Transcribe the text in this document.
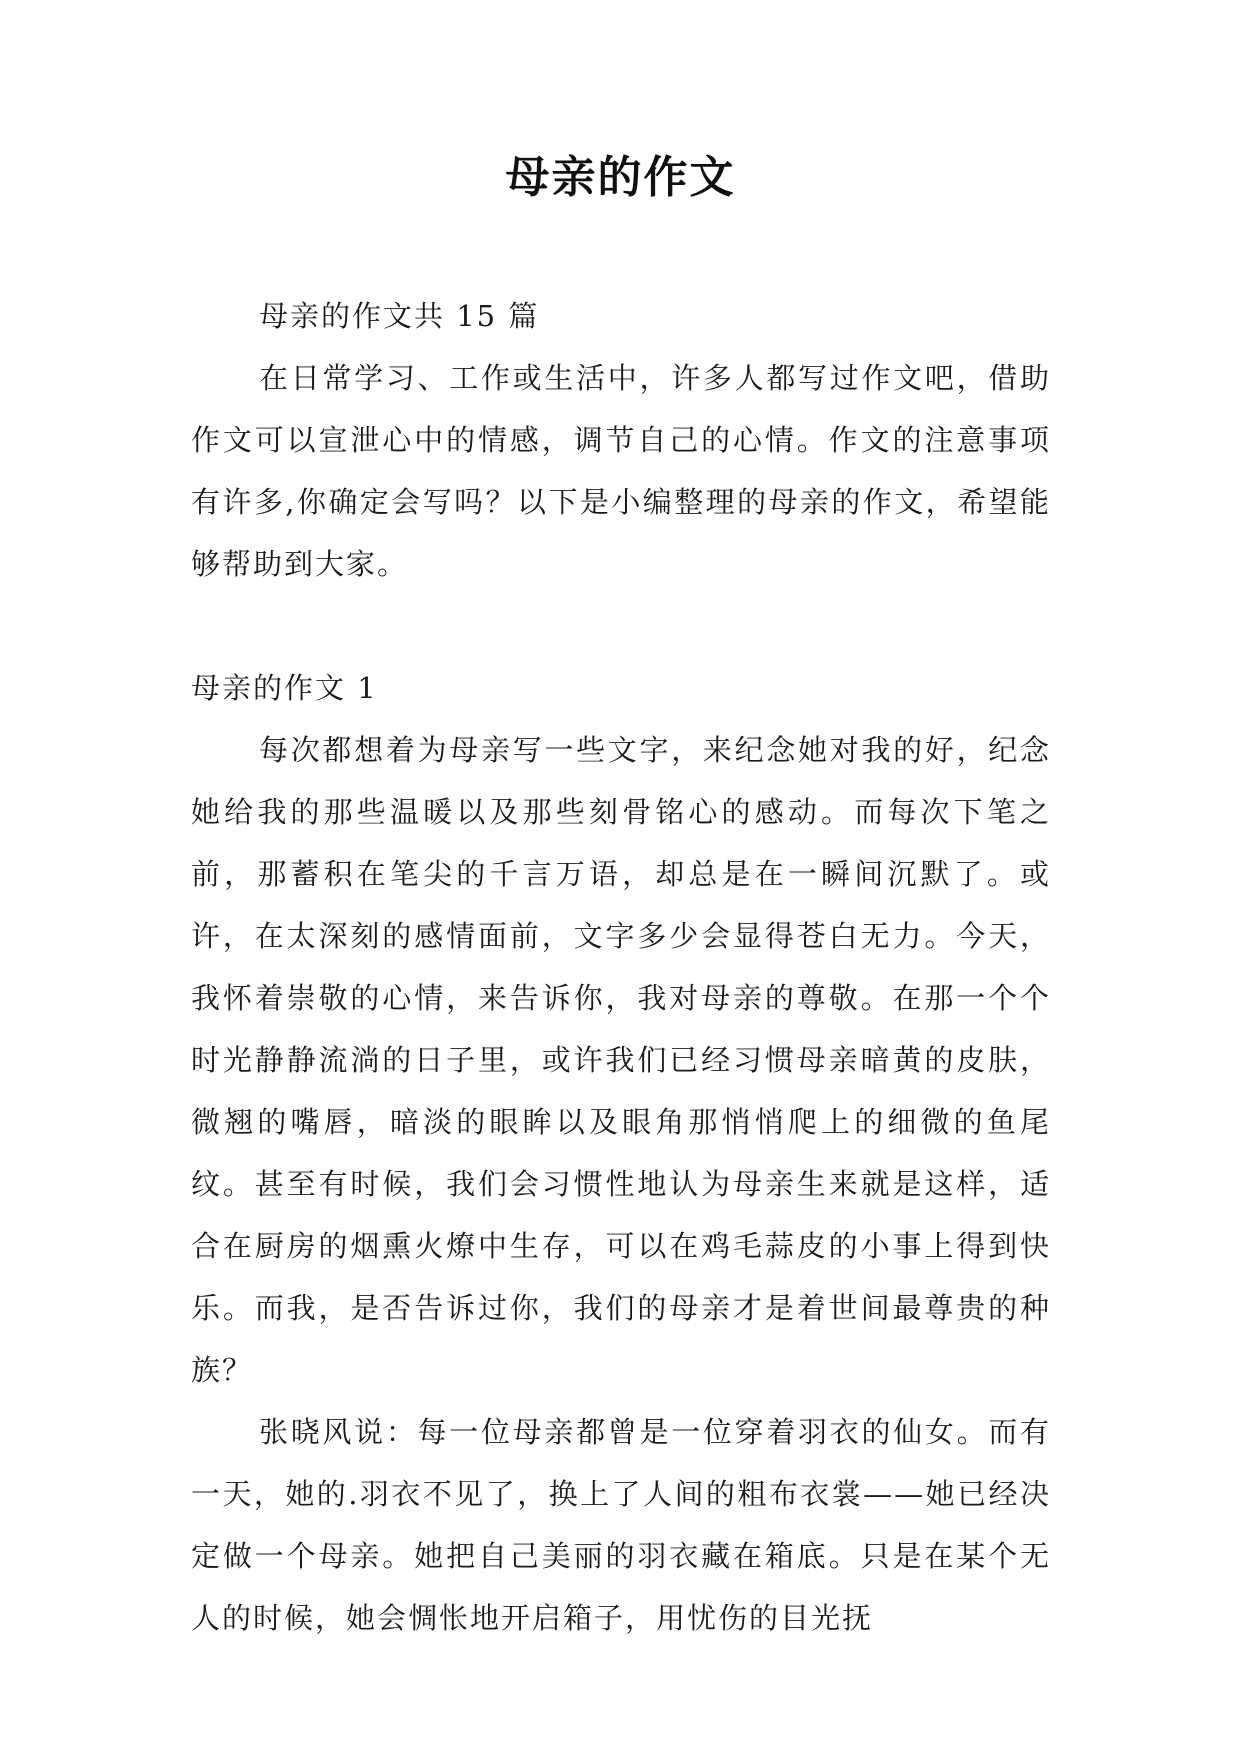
母亲的作文

母亲的作文共 15 篇

在日常学习、工作或生活中，许多人都写过作文吧，借助作文可以宣泄心中的情感，调节自己的心情。作文的注意事项有许多,你确定会写吗？以下是小编整理的母亲的作文，希望能够帮助到大家。

母亲的作文 1

每次都想着为母亲写一些文字，来纪念她对我的好，纪念她给我的那些温暖以及那些刻骨铭心的感动。而每次下笔之前，那蓄积在笔尖的千言万语，却总是在一瞬间沉默了。或许，在太深刻的感情面前，文字多少会显得苍白无力。今天，我怀着崇敬的心情，来告诉你，我对母亲的尊敬。在那一个个时光静静流淌的日子里，或许我们已经习惯母亲暗黄的皮肤，微翘的嘴唇，暗淡的眼眸以及眼角那悄悄爬上的细微的鱼尾纹。甚至有时候，我们会习惯性地认为母亲生来就是这样，适合在厨房的烟熏火燎中生存，可以在鸡毛蒜皮的小事上得到快乐。而我，是否告诉过你，我们的母亲才是着世间最尊贵的种族？

张晓风说：每一位母亲都曾是一位穿着羽衣的仙女。而有一天，她的.羽衣不见了，换上了人间的粗布衣裳——她已经决定做一个母亲。她把自己美丽的羽衣藏在箱底。只是在某个无人的时候，她会惆怅地开启箱子，用忧伤的目光抚
